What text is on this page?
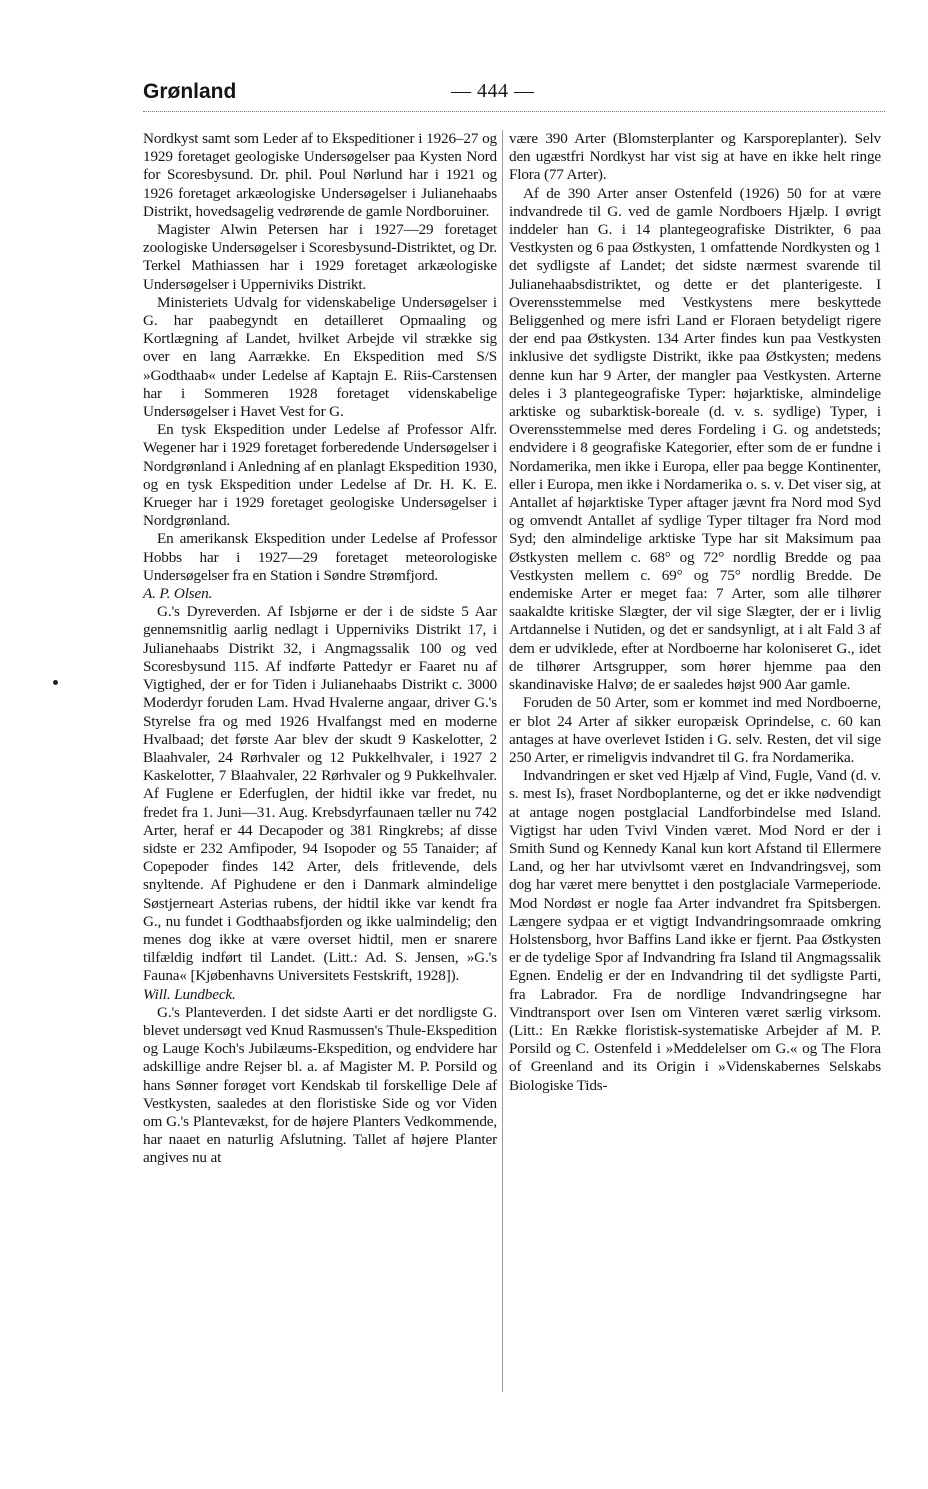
Grønland	— 444 —

Nordkyst samt som Leder af to Ekspeditioner i 1926–27 og 1929 foretaget geologiske Undersøgelser paa Kysten Nord for Scoresbysund. Dr. phil. Poul Nørlund har i 1921 og 1926 foretaget arkæologiske Undersøgelser i Julianehaabs Distrikt, hovedsagelig vedrørende de gamle Nordboruiner.

Magister Alwin Petersen har i 1927—29 foretaget zoologiske Undersøgelser i Scoresbysund-Distriktet, og Dr. Terkel Mathiassen har i 1929 foretaget arkæologiske Undersøgelser i Upperniviks Distrikt.

Ministeriets Udvalg for videnskabelige Undersøgelser i G. har paabegyndt en detailleret Opmaaling og Kortlægning af Landet, hvilket Arbejde vil strække sig over en lang Aarrække. En Ekspedition med S/S »Godthaab« under Ledelse af Kaptajn E. Riis-Carstensen har i Sommeren 1928 foretaget videnskabelige Undersøgelser i Havet Vest for G.

En tysk Ekspedition under Ledelse af Professor Alfr. Wegener har i 1929 foretaget forberedende Undersøgelser i Nordgrønland i Anledning af en planlagt Ekspedition 1930, og en tysk Ekspedition under Ledelse af Dr. H. K. E. Krueger har i 1929 foretaget geologiske Undersøgelser i Nordgrønland.

En amerikansk Ekspedition under Ledelse af Professor Hobbs har i 1927—29 foretaget meteorologiske Undersøgelser fra en Station i Søndre Strømfjord.

A. P. Olsen.

G.'s Dyreverden. Af Isbjørne er der i de sidste 5 Aar gennemsnitlig aarlig nedlagt i Upperniviks Distrikt 17, i Julianehaabs Distrikt 32, i Angmagssalik 100 og ved Scoresbysund 115. Af indførte Pattedyr er Faaret nu af Vigtighed, der er for Tiden i Julianehaabs Distrikt c. 3000 Moderdyr foruden Lam. Hvad Hvalerne angaar, driver G.'s Styrelse fra og med 1926 Hvalfangst med en moderne Hvalbaad; det første Aar blev der skudt 9 Kaskelotter, 2 Blaahvaler, 24 Rørhvaler og 12 Pukkelhvaler, i 1927 2 Kaskelotter, 7 Blaahvaler, 22 Rørhvaler og 9 Pukkelhvaler. Af Fuglene er Ederfuglen, der hidtil ikke var fredet, nu fredet fra 1. Juni—31. Aug. Krebsdyrfaunaen tæller nu 742 Arter, heraf er 44 Decapoder og 381 Ringkrebs; af disse sidste er 232 Amfipoder, 94 Isopoder og 55 Tanaider; af Copepoder findes 142 Arter, dels fritlevende, dels snyltende. Af Pighudene er den i Danmark almindelige Søstjerneart Asterias rubens, der hidtil ikke var kendt fra G., nu fundet i Godthaabsfjorden og ikke ualmindelig; den menes dog ikke at være overset hidtil, men er snarere tilfældig indført til Landet. (Litt.: Ad. S. Jensen, »G.'s Fauna« [Kjøbenhavns Universitets Festskrift, 1928]).

Will. Lundbeck.

G.'s Planteverden. I det sidste Aarti er det nordligste G. blevet undersøgt ved Knud Rasmussen's Thule-Ekspedition og Lauge Koch's Jubilæums-Ekspedition, og endvidere har adskillige andre Rejser bl. a. af Magister M. P. Porsild og hans Sønner forøget vort Kendskab til forskellige Dele af Vestkysten, saaledes at den floristiske Side og vor Viden om G.'s Plantevækst, for de højere Planters Vedkommende, har naaet en naturlig Afslutning. Tallet af højere Planter angives nu at

være 390 Arter (Blomsterplanter og Karsporeplanter). Selv den ugæstfri Nordkyst har vist sig at have en ikke helt ringe Flora (77 Arter).

Af de 390 Arter anser Ostenfeld (1926) 50 for at være indvandrede til G. ved de gamle Nordboers Hjælp. I øvrigt inddeler han G. i 14 plantegeografiske Distrikter, 6 paa Vestkysten og 6 paa Østkysten, 1 omfattende Nordkysten og 1 det sydligste af Landet; det sidste nærmest svarende til Julianehaabsdistriktet, og dette er det planterigeste. I Overensstemmelse med Vestkystens mere beskyttede Beliggenhed og mere isfri Land er Floraen betydeligt rigere der end paa Østkysten. 134 Arter findes kun paa Vestkysten inklusive det sydligste Distrikt, ikke paa Østkysten; medens denne kun har 9 Arter, der mangler paa Vestkysten. Arterne deles i 3 plantegeografiske Typer: højarktiske, almindelige arktiske og subarktisk-boreale (d. v. s. sydlige) Typer, i Overensstemmelse med deres Fordeling i G. og andetsteds; endvidere i 8 geografiske Kategorier, efter som de er fundne i Nordamerika, men ikke i Europa, eller paa begge Kontinenter, eller i Europa, men ikke i Nordamerika o. s. v. Det viser sig, at Antallet af højarktiske Typer aftager jævnt fra Nord mod Syd og omvendt Antallet af sydlige Typer tiltager fra Nord mod Syd; den almindelige arktiske Type har sit Maksimum paa Østkysten mellem c. 68° og 72° nordlig Bredde og paa Vestkysten mellem c. 69° og 75° nordlig Bredde. De endemiske Arter er meget faa: 7 Arter, som alle tilhører saakaldte kritiske Slægter, der vil sige Slægter, der er i livlig Artdannelse i Nutiden, og det er sandsynligt, at i alt Fald 3 af dem er udviklede, efter at Nordboerne har koloniseret G., idet de tilhører Artsgrupper, som hører hjemme paa den skandinaviske Halvø; de er saaledes højst 900 Aar gamle.

Foruden de 50 Arter, som er kommet ind med Nordboerne, er blot 24 Arter af sikker europæisk Oprindelse, c. 60 kan antages at have overlevet Istiden i G. selv. Resten, det vil sige 250 Arter, er rimeligvis indvandret til G. fra Nordamerika.

Indvandringen er sket ved Hjælp af Vind, Fugle, Vand (d. v. s. mest Is), fraset Nordboplanterne, og det er ikke nødvendigt at antage nogen postglacial Landforbindelse med Island. Vigtigst har uden Tvivl Vinden været. Mod Nord er der i Smith Sund og Kennedy Kanal kun kort Afstand til Ellermere Land, og her har utvivlsomt været en Indvandringsvej, som dog har været mere benyttet i den postglaciale Varmeperiode. Mod Nordøst er nogle faa Arter indvandret fra Spitsbergen. Længere sydpaa er et vigtigt Indvandringsomraade omkring Holstensborg, hvor Baffins Land ikke er fjernt. Paa Østkysten er de tydelige Spor af Indvandring fra Island til Angmagssalik Egnen. Endelig er der en Indvandring til det sydligste Parti, fra Labrador. Fra de nordlige Indvandringsegne har Vindtransport over Isen om Vinteren været særlig virksom. (Litt.: En Række floristisk-systematiske Arbejder af M. P. Porsild og C. Ostenfeld i »Meddelelser om G.« og The Flora of Greenland and its Origin i »Videnskabernes Selskabs Biologiske Tids-
